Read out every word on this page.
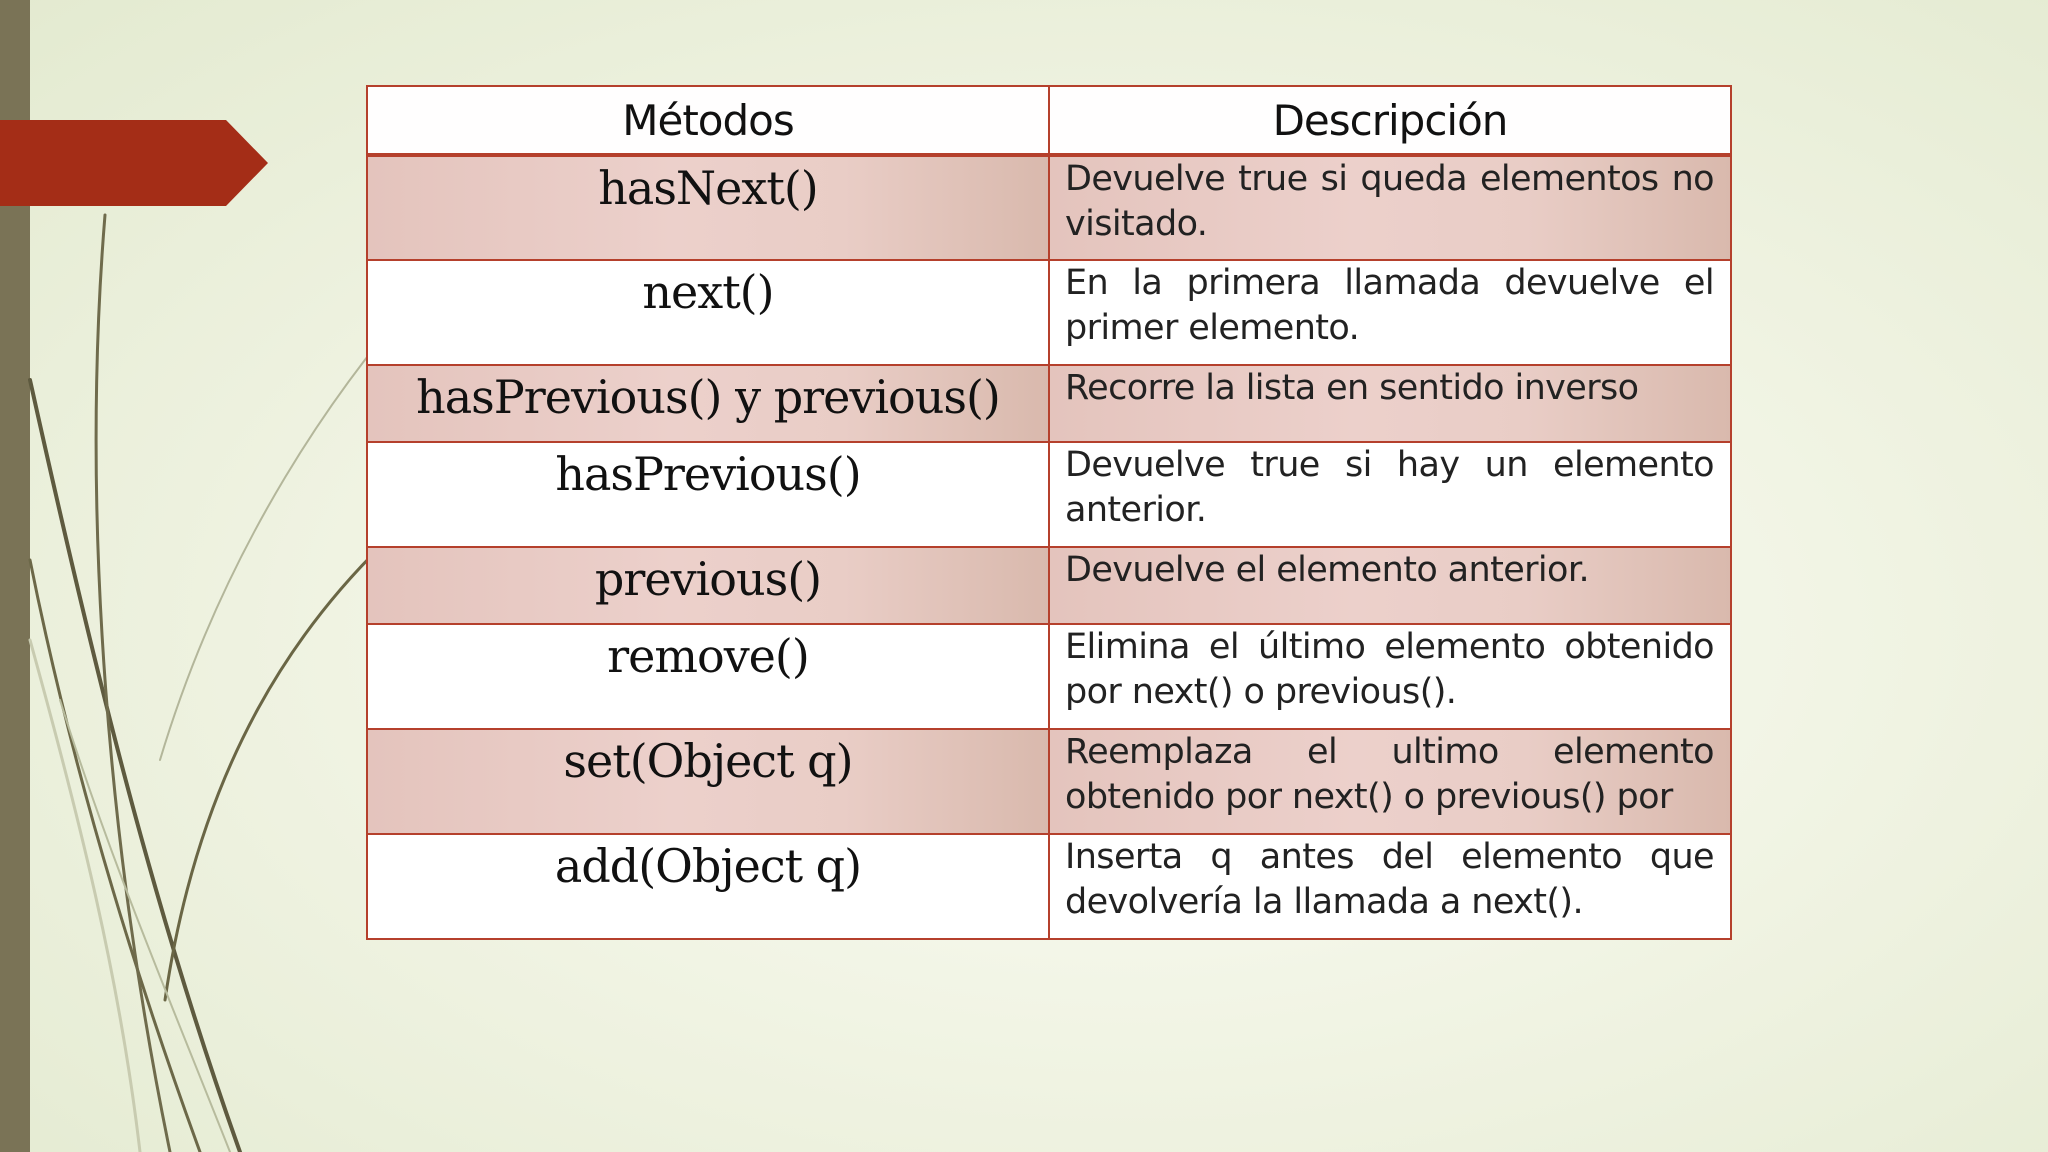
Métodos	Descripción
hasNext()	Devuelve true si queda elementos no visitado.
next()	En la primera llamada devuelve el primer elemento.
hasPrevious() y previous()	Recorre la lista en sentido inverso
hasPrevious()	Devuelve true si hay un elemento anterior.
previous()	Devuelve el elemento anterior.
remove()	Elimina el último elemento obtenido por next() o previous().
set(Object q)	Reemplaza el ultimo elemento obtenido por next() o previous() por
add(Object q)	Inserta q antes del elemento que devolvería la llamada a next().
